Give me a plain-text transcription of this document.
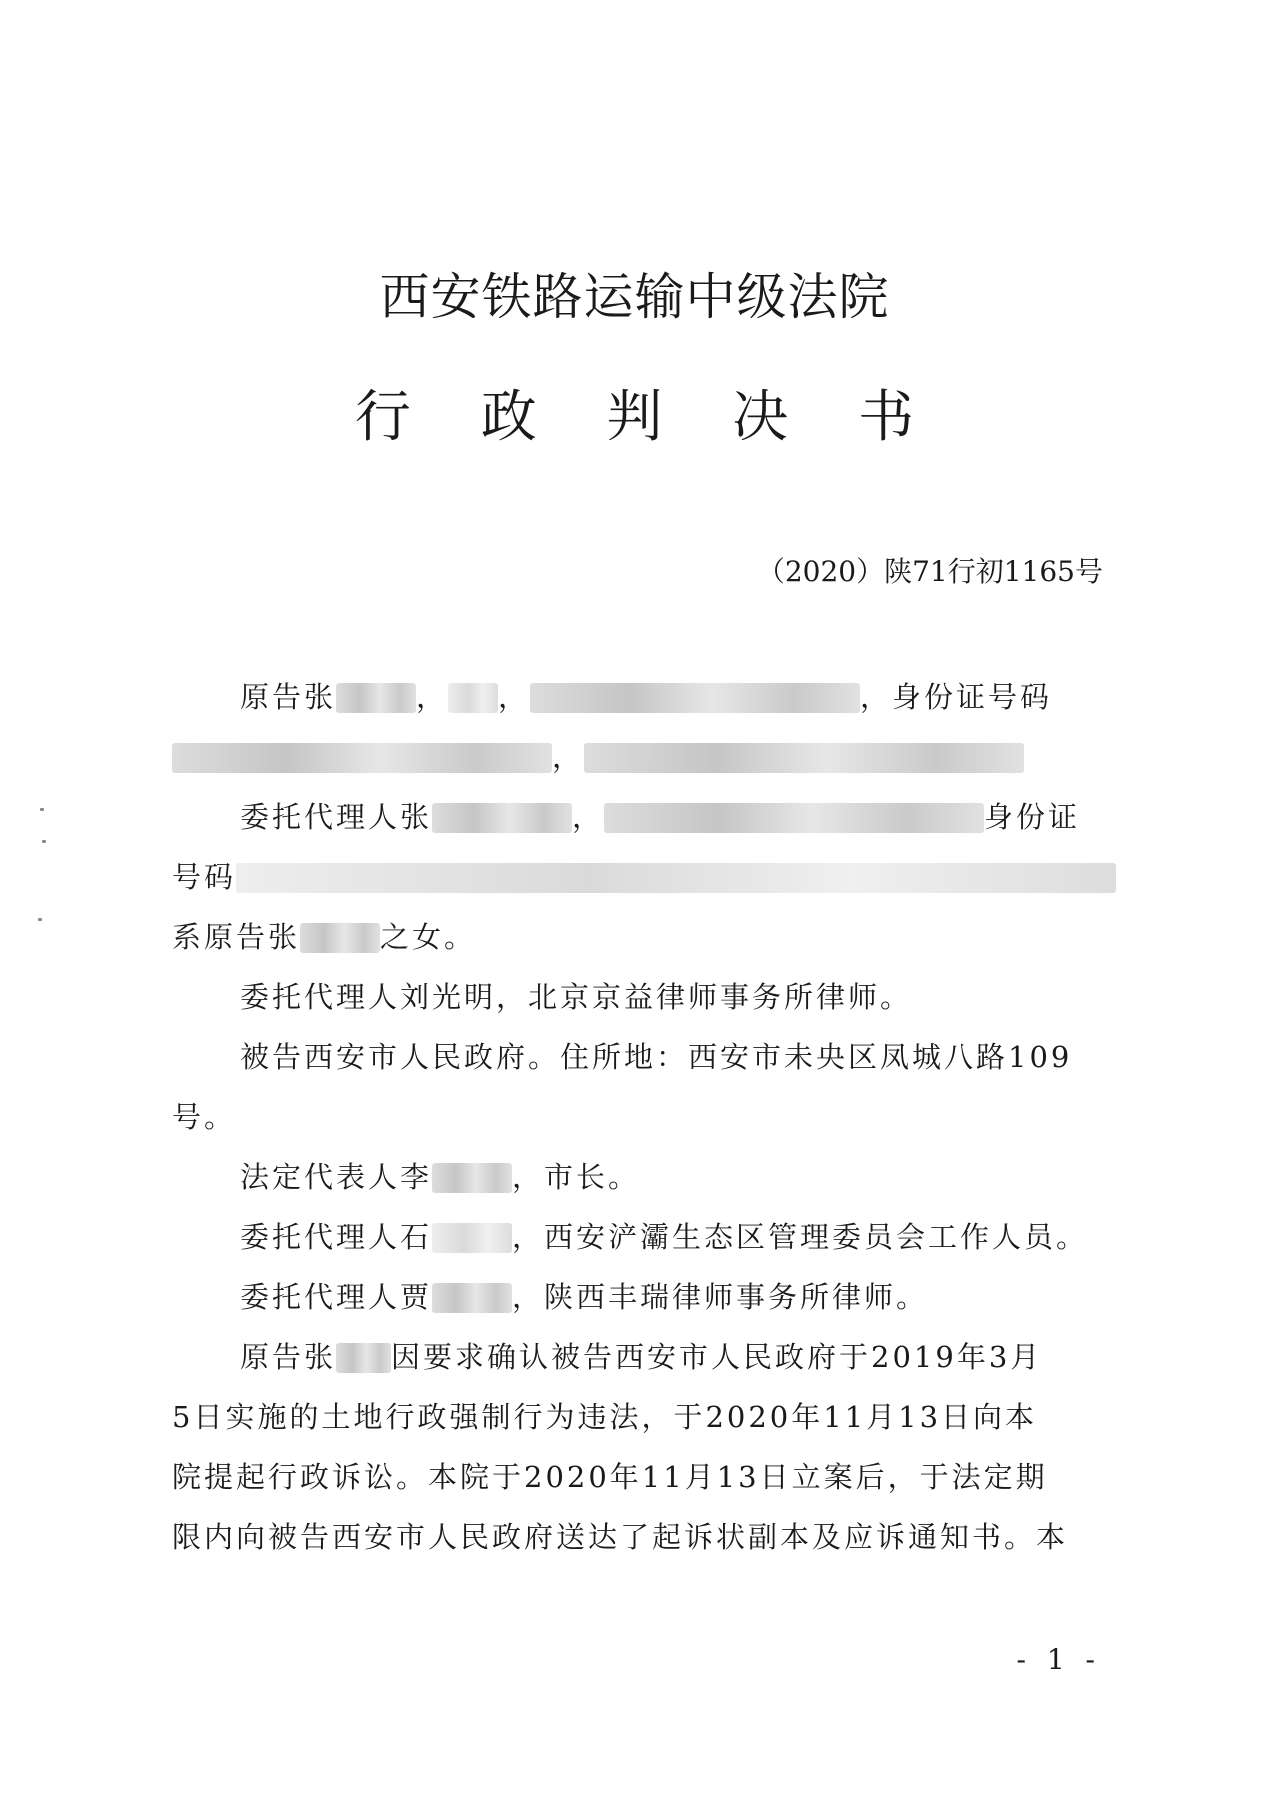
西安铁路运输中级法院
行 政 判 决 书
（2020）陕71行初1165号
原告张	， ，	，身份证号码
，
委托代理人张	，	身份证
号码
系原告张	之女。
委托代理人刘光明，北京京益律师事务所律师。
被告西安市人民政府。住所地：西安市未央区凤城八路109
号。
法定代表人李	，市长。
委托代理人石	，西安浐灞生态区管理委员会工作人员。
委托代理人贾	，陕西丰瑞律师事务所律师。
原告张 因要求确认被告西安市人民政府于2019年3月
5日实施的土地行政强制行为违法，于2020年11月13日向本
院提起行政诉讼。本院于2020年11月13日立案后，于法定期
限内向被告西安市人民政府送达了起诉状副本及应诉通知书。本
- 1 -
